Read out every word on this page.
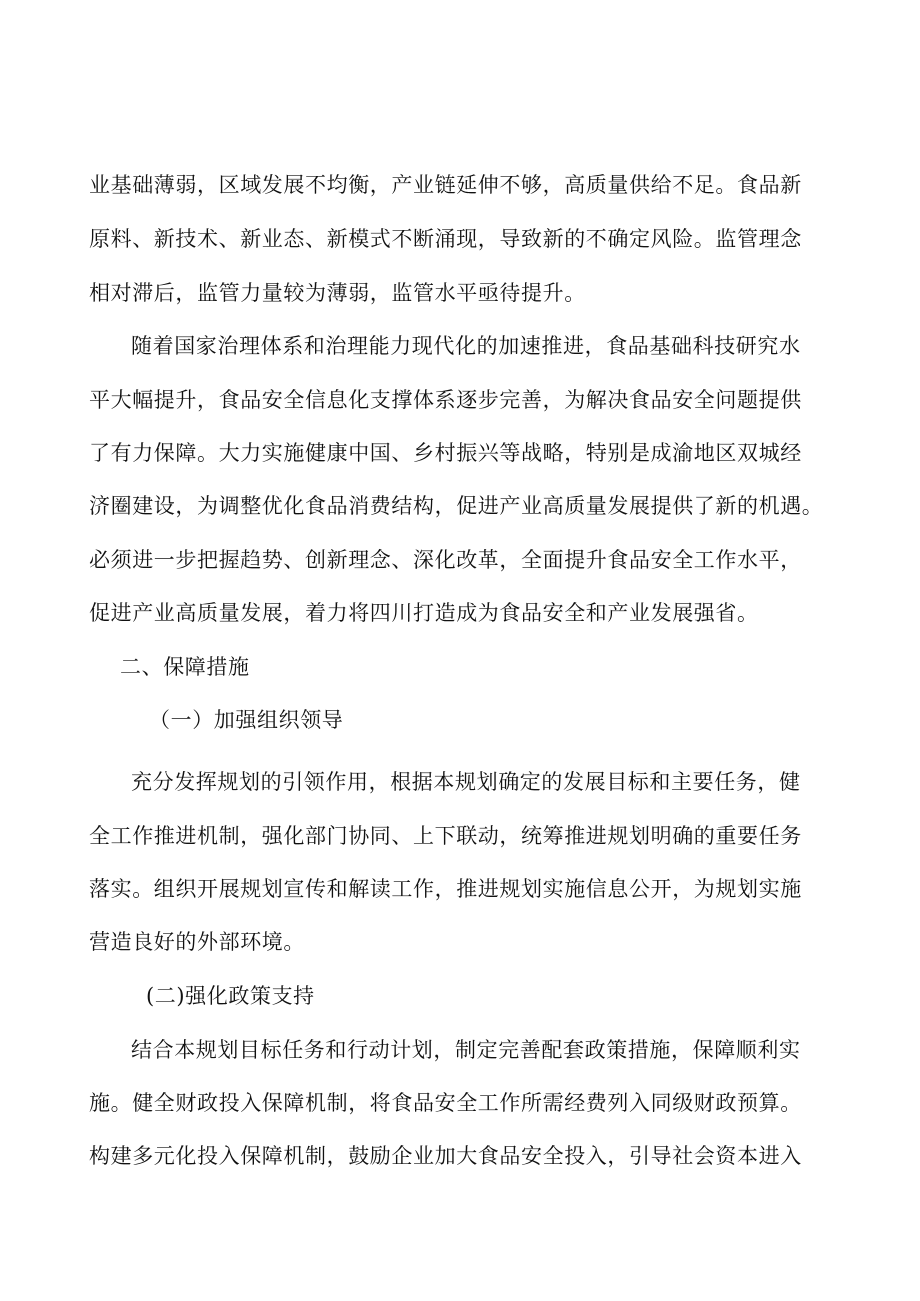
业基础薄弱，区域发展不均衡，产业链延伸不够，高质量供给不足。食品新
原料、新技术、新业态、新模式不断涌现，导致新的不确定风险。监管理念
相对滞后，监管力量较为薄弱，监管水平亟待提升。
随着国家治理体系和治理能力现代化的加速推进，食品基础科技研究水
平大幅提升，食品安全信息化支撑体系逐步完善，为解决食品安全问题提供
了有力保障。大力实施健康中国、乡村振兴等战略，特别是成渝地区双城经
济圈建设，为调整优化食品消费结构，促进产业高质量发展提供了新的机遇。
必须进一步把握趋势、创新理念、深化改革，全面提升食品安全工作水平，
促进产业高质量发展，着力将四川打造成为食品安全和产业发展强省。
二、保障措施
（一）加强组织领导
充分发挥规划的引领作用，根据本规划确定的发展目标和主要任务，健
全工作推进机制，强化部门协同、上下联动，统筹推进规划明确的重要任务
落实。组织开展规划宣传和解读工作，推进规划实施信息公开，为规划实施
营造良好的外部环境。
(二)强化政策支持
结合本规划目标任务和行动计划，制定完善配套政策措施，保障顺利实
施。健全财政投入保障机制，将食品安全工作所需经费列入同级财政预算。
构建多元化投入保障机制，鼓励企业加大食品安全投入，引导社会资本进入
